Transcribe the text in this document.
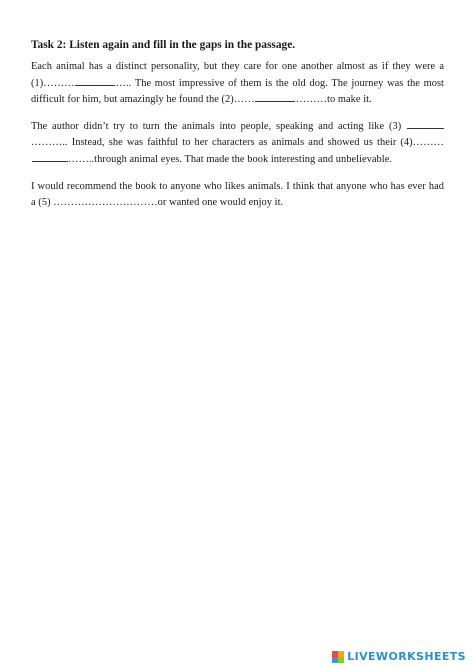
Task 2: Listen again and fill in the gaps in the passage.

Each animal has a distinct personality, but they care for one another almost as if they were a (1)………	….. The most impressive of them is the old dog. The journey was the most difficult for him, but amazingly he found the (2)……	………to make it.

The author didn’t try to turn the animals into people, speaking and acting like (3) ……….. Instead, she was faithful to her characters as animals and showed us their (4)……………..through animal eyes. That made the book interesting and unbelievable.

I would recommend the book to anyone who likes animals. I think that anyone who has ever had a (5) …………………………or wanted one would enjoy it.

LIVEWORKSHEETS
